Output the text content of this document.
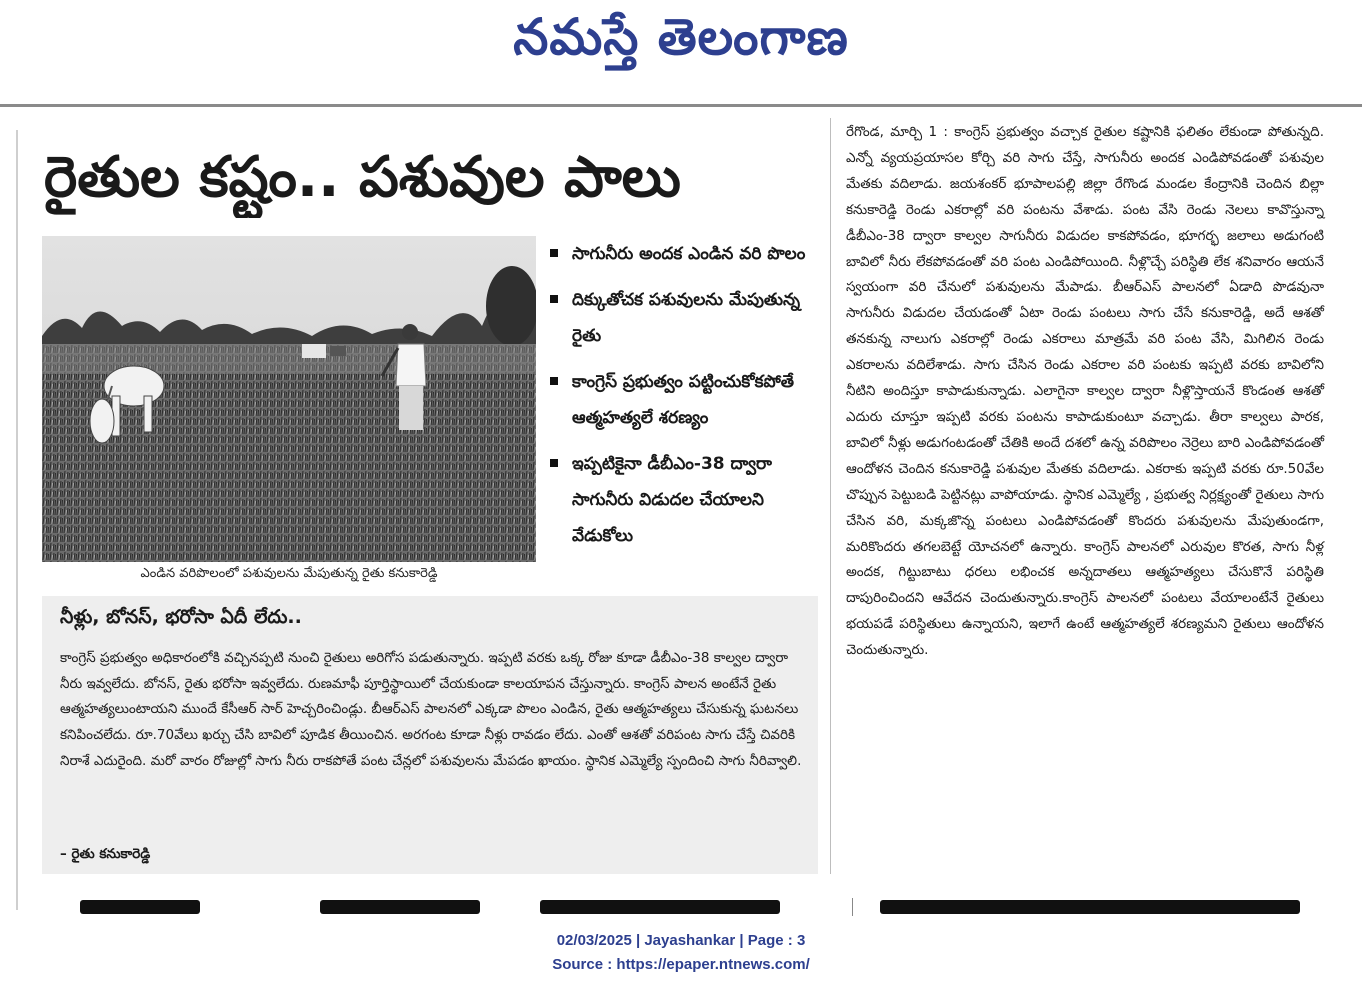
నమస్తే తెలంగాణ
రైతుల కష్టం.. పశువుల పాలు
ఎండిన వరిపొలంలో పశువులను మేపుతున్న రైతు కనుకారెడ్డి
సాగునీరు అందక ఎండిన వరి పొలం
దిక్కుతోచక పశువులను మేపుతున్న రైతు
కాంగ్రెస్ ప్రభుత్వం పట్టించుకోకపోతే ఆత్మహత్యలే శరణ్యం
ఇప్పటికైనా డీబీఎం-38 ద్వారా సాగునీరు విడుదల చేయాలని వేడుకోలు
నీళ్లు, బోనస్, భరోసా ఏదీ లేదు..
కాంగ్రెస్ ప్రభుత్వం అధికారంలోకి వచ్చినప్పటి నుంచి రైతులు అరిగోస పడుతున్నారు. ఇప్పటి వరకు ఒక్క రోజు కూడా డీబీఎం-38 కాల్వల ద్వారా నీరు ఇవ్వలేదు. బోనస్, రైతు భరోసా ఇవ్వలేదు. రుణమాఫీ పూర్తిస్థాయిలో చేయకుండా కాలయాపన చేస్తున్నారు. కాంగ్రెస్ పాలన అంటేనే రైతు ఆత్మహత్యలుంటాయని ముందే కేసీఆర్ సార్ హెచ్చరించిండ్లు. బీఆర్ఎస్ పాలనలో ఎక్కడా పొలం ఎండిన, రైతు ఆత్మహత్యలు చేసుకున్న ఘటనలు కనిపించలేదు. రూ.70వేలు ఖర్చు చేసి బావిలో పూడిక తీయించిన. అరగంట కూడా నీళ్లు రావడం లేదు. ఎంతో ఆశతో వరిపంట సాగు చేస్తే చివరికి నిరాశే ఎదురైంది. మరో వారం రోజుల్లో సాగు నీరు రాకపోతే పంట చేన్లలో పశువులను మేపడం ఖాయం. స్థానిక ఎమ్మెల్యే స్పందించి సాగు నీరివ్వాలి.
– రైతు కనుకారెడ్డి
రేగొండ, మార్చి 1 : కాంగ్రెస్ ప్రభుత్వం వచ్చాక రైతుల కష్టానికి ఫలితం లేకుండా పోతున్నది. ఎన్నో వ్యయప్రయాసల కోర్చి వరి సాగు చేస్తే, సాగునీరు అందక ఎండిపోవడంతో పశువుల మేతకు వదిలాడు. జయశంకర్ భూపాలపల్లి జిల్లా రేగొండ మండల కేంద్రానికి చెందిన బిల్లా కనుకారెడ్డి రెండు ఎకరాల్లో వరి పంటను వేశాడు. పంట వేసి రెండు నెలలు కావొస్తున్నా డీబీఎం-38 ద్వారా కాల్వల సాగునీరు విడుదల కాకపోవడం, భూగర్భ జలాలు అడుగంటి బావిలో నీరు లేకపోవడంతో వరి పంట ఎండిపోయింది. నీళ్లొచ్చే పరిస్థితి లేక శనివారం ఆయనే స్వయంగా వరి చేనులో పశువులను మేపాడు. బీఆర్ఎస్ పాలనలో ఏడాది పొడవునా సాగునీరు విడుదల చేయడంతో ఏటా రెండు పంటలు సాగు చేసే కనుకారెడ్డి, అదే ఆశతో తనకున్న నాలుగు ఎకరాల్లో రెండు ఎకరాలు మాత్రమే వరి పంట వేసి, మిగిలిన రెండు ఎకరాలను వదిలేశాడు. సాగు చేసిన రెండు ఎకరాల వరి పంటకు ఇప్పటి వరకు బావిలోని నీటిని అందిస్తూ కాపాడుకున్నాడు. ఎలాగైనా కాల్వల ద్వారా నీళ్లొస్తాయనే కొండంత ఆశతో ఎదురు చూస్తూ ఇప్పటి వరకు పంటను కాపాడుకుంటూ వచ్చాడు. తీరా కాల్వలు పారక, బావిలో నీళ్లు అడుగంటడంతో చేతికి అందే దశలో ఉన్న వరిపొలం నెర్రెలు బారి ఎండిపోవడంతో ఆందోళన చెందిన కనుకారెడ్డి పశువుల మేతకు వదిలాడు. ఎకరాకు ఇప్పటి వరకు రూ.50వేల చొప్పున పెట్టుబడి పెట్టినట్లు వాపోయాడు. స్థానిక ఎమ్మెల్యే , ప్రభుత్వ నిర్లక్ష్యంతో రైతులు సాగు చేసిన వరి, మక్కజొన్న పంటలు ఎండిపోవడంతో కొందరు పశువులను మేపుతుండగా, మరికొందరు తగలబెట్టే యోచనలో ఉన్నారు. కాంగ్రెస్ పాలనలో ఎరువుల కొరత, సాగు నీళ్ల అందక, గిట్టుబాటు ధరలు లభించక అన్నదాతలు ఆత్మహత్యలు చేసుకొనే పరిస్థితి దాపురించిందని ఆవేదన చెందుతున్నారు.కాంగ్రెస్ పాలనలో పంటలు వేయాలంటేనే రైతులు భయపడే పరిస్థితులు ఉన్నాయని, ఇలాగే ఉంటే ఆత్మహత్యలే శరణ్యమని రైతులు ఆందోళన చెందుతున్నారు.
02/03/2025 | Jayashankar | Page : 3
Source : https://epaper.ntnews.com/
